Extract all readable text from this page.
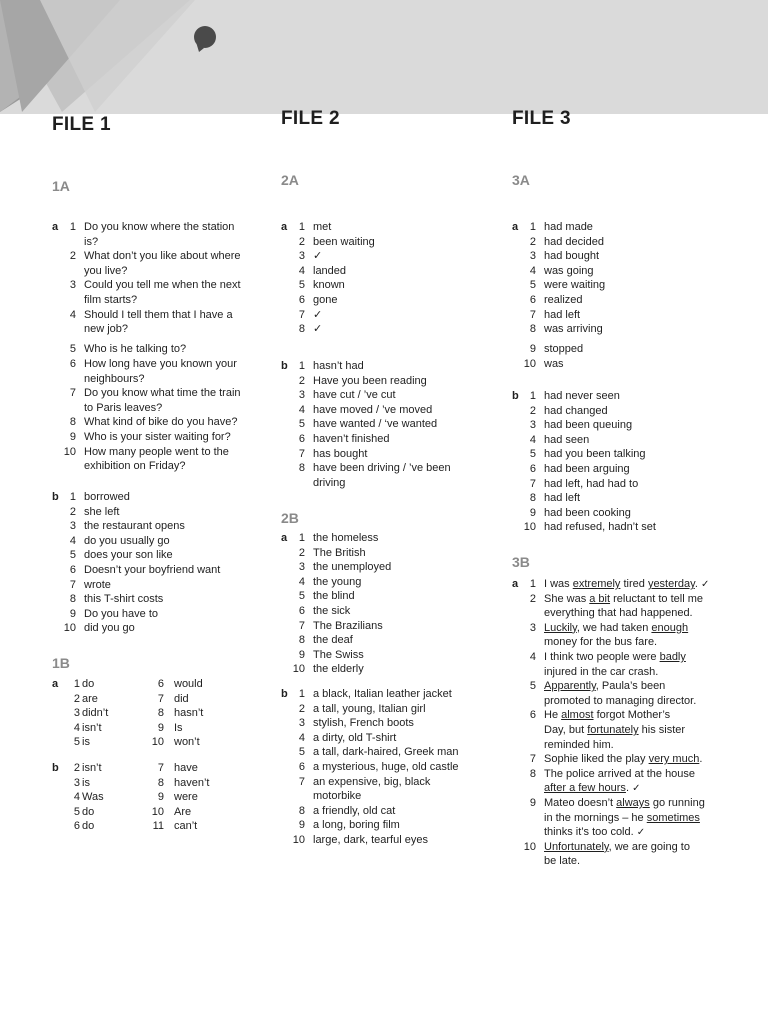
FILE 1	FILE 2	FILE 3
1A
1B
2A
2B
3A
3B
a	1 Do you know where the station
is?
2 What don’t you like about where
you live?
3 Could you tell me when the next
film starts?
4 Should I tell them that I have a
new job?
5 Who is he talking to?
6 How long have you known your
neighbours?
7 Do you know what time the train
to Paris leaves?
8 What kind of bike do you have?
9 Who is your sister waiting for?
10 How many people went to the
exhibition on Friday?
b	1 borrowed
2 she left
3 the restaurant opens
4 do you usually go
5 does your son like
6 Doesn’t your boyfriend want
7 wrote
8 this T-shirt costs
9 Do you have to
10 did you go
a	1 do	6 would
2 are	7 did
3 didn’t	8 hasn’t
4 isn’t	9 Is
5 is	10 won’t
b	2 isn’t	7 have
3 is	8 haven’t
4 Was	9 were
5 do	10 Are
6 do	11 can’t
a	1 met
2 been waiting
3 ✓
4 landed
5 known
6 gone
7 ✓
8 ✓
b	1 hasn’t had
2 Have you been reading
3 have cut / ’ve cut
4 have moved / ’ve moved
5 have wanted / ‘ve wanted
6 haven’t finished
7 has bought
8 have been driving / ’ve been
driving
a	1 the homeless
2 The British
3 the unemployed
4 the young
5 the blind
6 the sick
7 The Brazilians
8 the deaf
9 The Swiss
10 the elderly
b	1 a black, Italian leather jacket
2 a tall, young, Italian girl
3 stylish, French boots
4 a dirty, old T-shirt
5 a tall, dark-haired, Greek man
6 a mysterious, huge, old castle
7 an expensive, big, black
motorbike
8 a friendly, old cat
9 a long, boring film
10 large, dark, tearful eyes
a	1 had made
2 had decided
3 had bought
4 was going
5 were waiting
6 realized
7 had left
8 was arriving
9 stopped
10 was
b	1 had never seen
2 had changed
3 had been queuing
4 had seen
5 had you been talking
6 had been arguing
7 had left, had had to
8 had left
9 had been cooking
10 had refused, hadn’t set
a	1 I was extremely tired yesterday. ✓
2 She was a bit reluctant to tell me
everything that had happened.
3 Luckily, we had taken enough
money for the bus fare.
4 I think two people were badly
injured in the car crash.
5 Apparently, Paula’s been
promoted to managing director.
6 He almost forgot Mother’s
Day, but fortunately his sister
reminded him.
7 Sophie liked the play very much.
8 The police arrived at the house
after a few hours. ✓
9 Mateo doesn’t always go running
in the mornings – he sometimes
thinks it’s too cold. ✓
10 Unfortunately, we are going to
be late.
